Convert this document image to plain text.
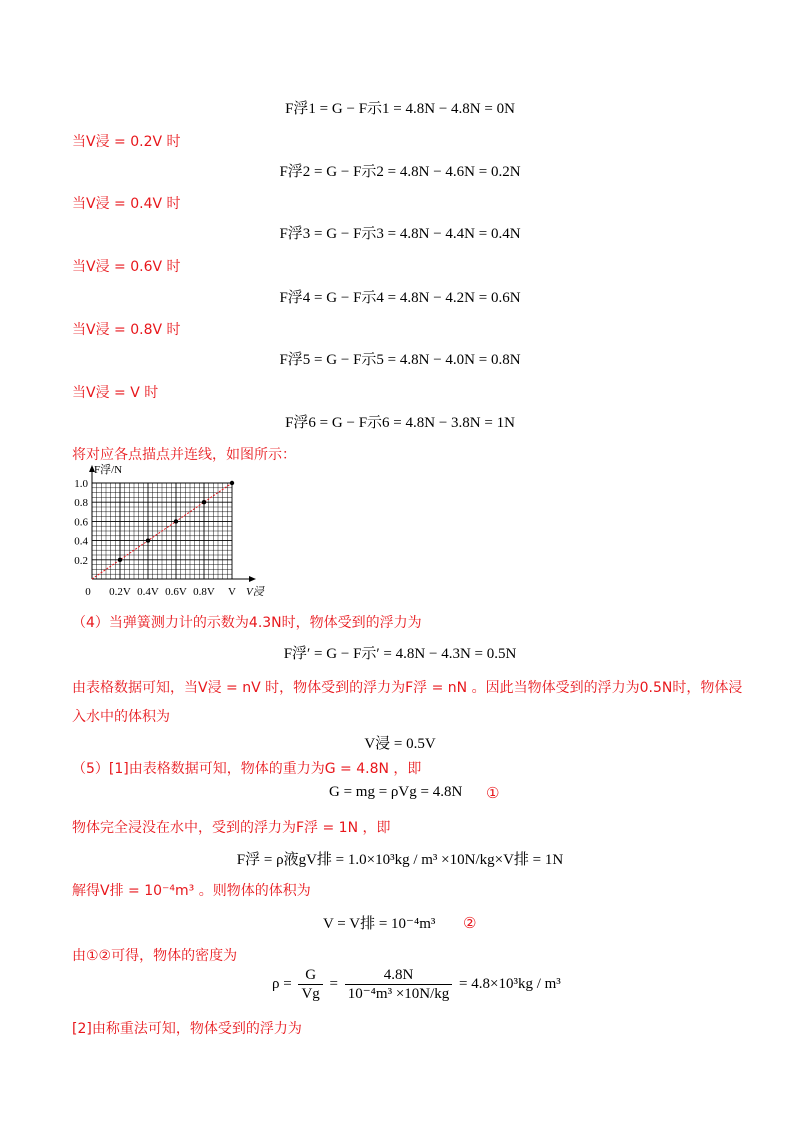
F浮1 = G − F示1 = 4.8N − 4.8N = 0N
当V浸 = 0.2V 时
F浮2 = G − F示2 = 4.8N − 4.6N = 0.2N
当V浸 = 0.4V 时
F浮3 = G − F示3 = 4.8N − 4.4N = 0.4N
当V浸 = 0.6V 时
F浮4 = G − F示4 = 4.8N − 4.2N = 0.6N
当V浸 = 0.8V 时
F浮5 = G − F示5 = 4.8N − 4.0N = 0.8N
当V浸 = V 时
F浮6 = G − F示6 = 4.8N − 3.8N = 1N
将对应各点描点并连线，如图所示：
0.2V 0.4V 0.6V 0.8V V
0.2
0.4
0.6
0.8
1.0
0
F浮/N
V浸
（4）当弹簧测力计的示数为4.3N时，物体受到的浮力为
F浮′ = G − F示′ = 4.8N − 4.3N = 0.5N
由表格数据可知，当V浸 = nV 时，物体受到的浮力为F浮 = nN 。因此当物体受到的浮力为0.5N时，物体浸
入水中的体积为
V浸 = 0.5V
（5）[1]由表格数据可知，物体的重力为G = 4.8N ，即
G = mg = ρVg = 4.8N ①
物体完全浸没在水中，受到的浮力为F浮 = 1N ，即
F浮 = ρ液gV排 = 1.0×10³kg / m³ ×10N/kg×V排 = 1N
解得V排 = 10⁻⁴m³ 。则物体的体积为
V = V排 = 10⁻⁴m³ ②
由①②可得，物体的密度为
$\rho = \frac{G}{Vg} = \frac{4.8N}{\text{10⁻⁴m³ ×10N/kg}} = 4.8\times 10^3kg / m^3$
[2]由称重法可知，物体受到的浮力为
